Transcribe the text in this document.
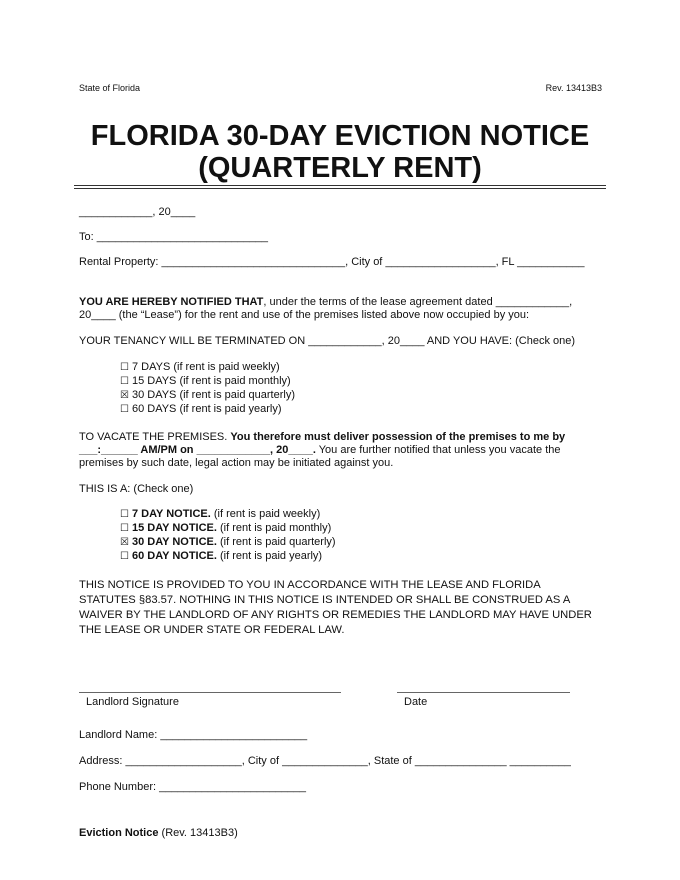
State of Florida	Rev. 13413B3
FLORIDA 30-DAY EVICTION NOTICE
(QUARTERLY RENT)
____________, 20____
To: ____________________________
Rental Property: ______________________________, City of __________________, FL ___________
YOU ARE HEREBY NOTIFIED THAT, under the terms of the lease agreement dated ____________,
20____ (the “Lease”) for the rent and use of the premises listed above now occupied by you:
YOUR TENANCY WILL BE TERMINATED ON ____________, 20____ AND YOU HAVE: (Check one)
☐ 7 DAYS (if rent is paid weekly)
☐ 15 DAYS (if rent is paid monthly)
☒ 30 DAYS (if rent is paid quarterly)
☐ 60 DAYS (if rent is paid yearly)
TO VACATE THE PREMISES. You therefore must deliver possession of the premises to me by
___:______ AM/PM on ____________, 20____. You are further notified that unless you vacate the
premises by such date, legal action may be initiated against you.
THIS IS A: (Check one)
☐ 7 DAY NOTICE. (if rent is paid weekly)
☐ 15 DAY NOTICE. (if rent is paid monthly)
☒ 30 DAY NOTICE. (if rent is paid quarterly)
☐ 60 DAY NOTICE. (if rent is paid yearly)
THIS NOTICE IS PROVIDED TO YOU IN ACCORDANCE WITH THE LEASE AND FLORIDA
STATUTES §83.57. NOTHING IN THIS NOTICE IS INTENDED OR SHALL BE CONSTRUED AS A
WAIVER BY THE LANDLORD OF ANY RIGHTS OR REMEDIES THE LANDLORD MAY HAVE UNDER
THE LEASE OR UNDER STATE OR FEDERAL LAW.
Landlord Signature	Date
Landlord Name: ________________________
Address: ___________________, City of ______________, State of _______________ __________
Phone Number: ________________________
Eviction Notice (Rev. 13413B3)
